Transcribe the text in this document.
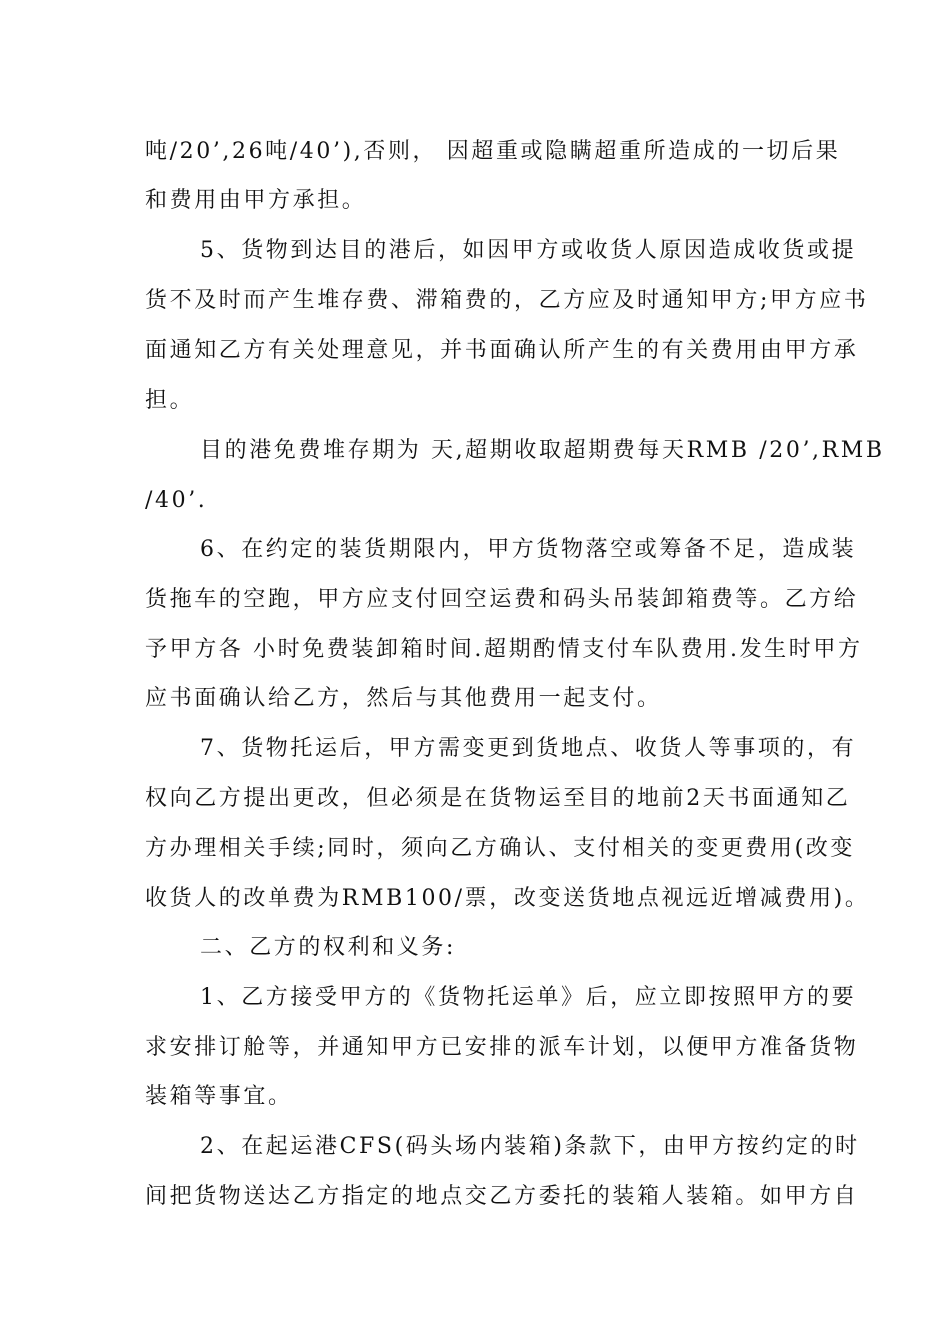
吨/20’,26吨/40’),否则， 因超重或隐瞒超重所造成的一切后果
和费用由甲方承担。
5、货物到达目的港后，如因甲方或收货人原因造成收货或提
货不及时而产生堆存费、滞箱费的，乙方应及时通知甲方;甲方应书
面通知乙方有关处理意见，并书面确认所产生的有关费用由甲方承
担。
目的港免费堆存期为 天,超期收取超期费每天RMB /20’,RMB
/40’.
6、在约定的装货期限内，甲方货物落空或筹备不足，造成装
货拖车的空跑，甲方应支付回空运费和码头吊装卸箱费等。乙方给
予甲方各 小时免费装卸箱时间.超期酌情支付车队费用.发生时甲方
应书面确认给乙方，然后与其他费用一起支付。
7、货物托运后，甲方需变更到货地点、收货人等事项的，有
权向乙方提出更改，但必须是在货物运至目的地前2天书面通知乙
方办理相关手续;同时，须向乙方确认、支付相关的变更费用(改变
收货人的改单费为RMB100/票，改变送货地点视远近增减费用)。
二、乙方的权利和义务:
1、乙方接受甲方的《货物托运单》后，应立即按照甲方的要
求安排订舱等，并通知甲方已安排的派车计划，以便甲方准备货物
装箱等事宜。
2、在起运港CFS(码头场内装箱)条款下，由甲方按约定的时
间把货物送达乙方指定的地点交乙方委托的装箱人装箱。如甲方自
